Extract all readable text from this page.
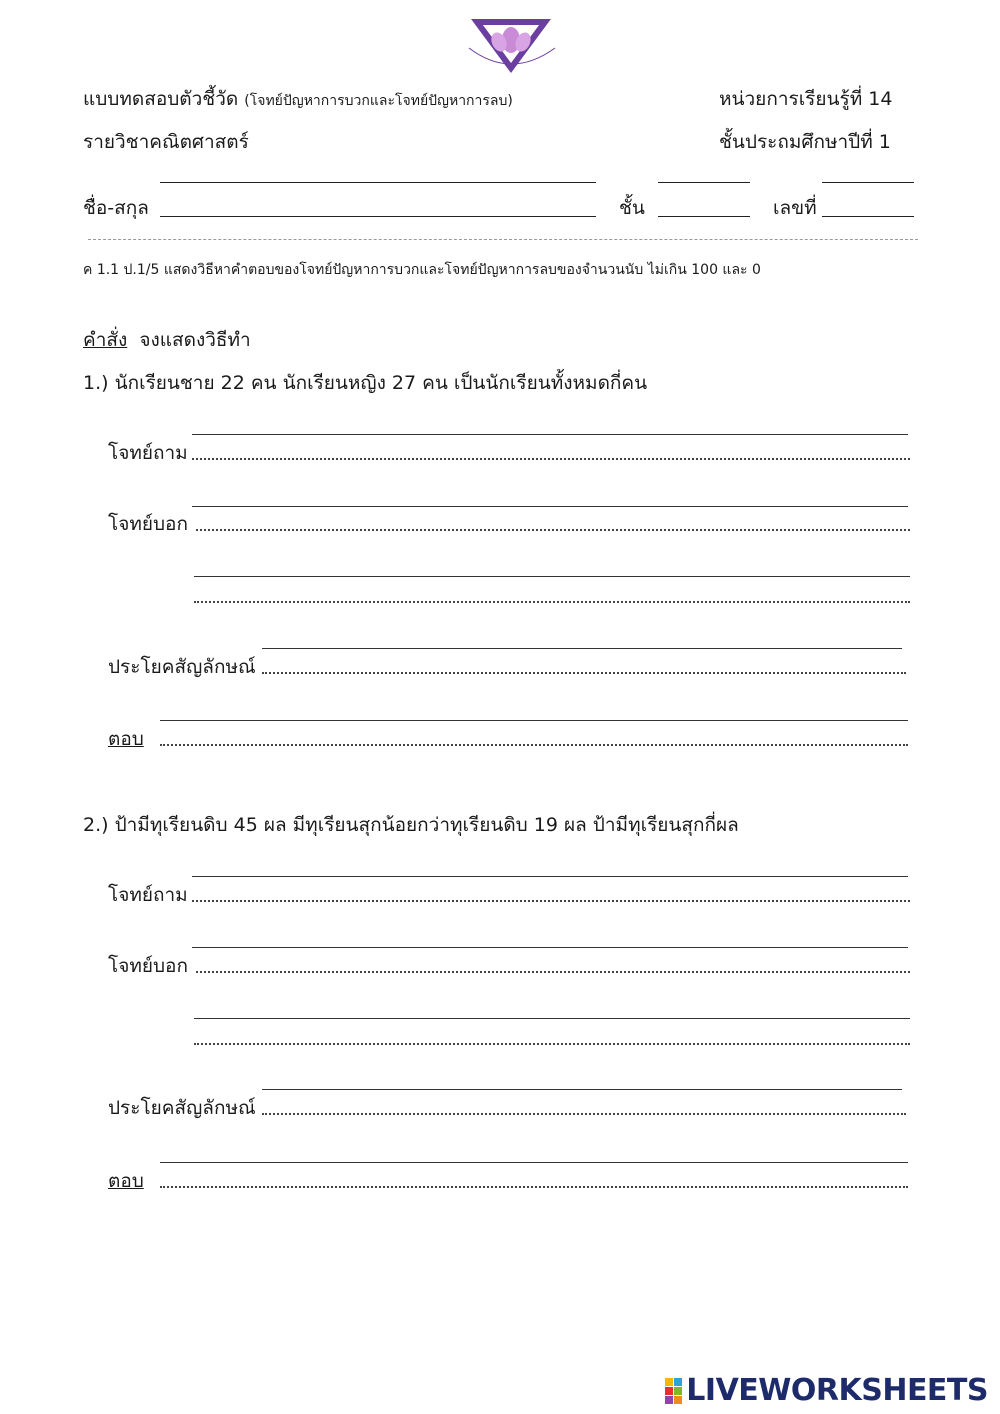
แบบทดสอบตัวชี้วัด (โจทย์ปัญหาการบวกและโจทย์ปัญหาการลบ)	หน่วยการเรียนรู้ที่ 14
รายวิชาคณิตศาสตร์	ชั้นประถมศึกษาปีที่ 1
ชื่อ-สกุล	ชั้น	เลขที่
ค 1.1 ป.1/5 แสดงวิธีหาคำตอบของโจทย์ปัญหาการบวกและโจทย์ปัญหาการลบของจำนวนนับ ไม่เกิน 100 และ 0
คำสั่ง จงแสดงวิธีทำ
1.) นักเรียนชาย 22 คน นักเรียนหญิง 27 คน เป็นนักเรียนทั้งหมดกี่คน
โจทย์ถาม
โจทย์บอก
ประโยคสัญลักษณ์
ตอบ
2.) ป้ามีทุเรียนดิบ 45 ผล มีทุเรียนสุกน้อยกว่าทุเรียนดิบ 19 ผล ป้ามีทุเรียนสุกกี่ผล
โจทย์ถาม
โจทย์บอก
ประโยคสัญลักษณ์
ตอบ
LIVEWORKSHEETS
